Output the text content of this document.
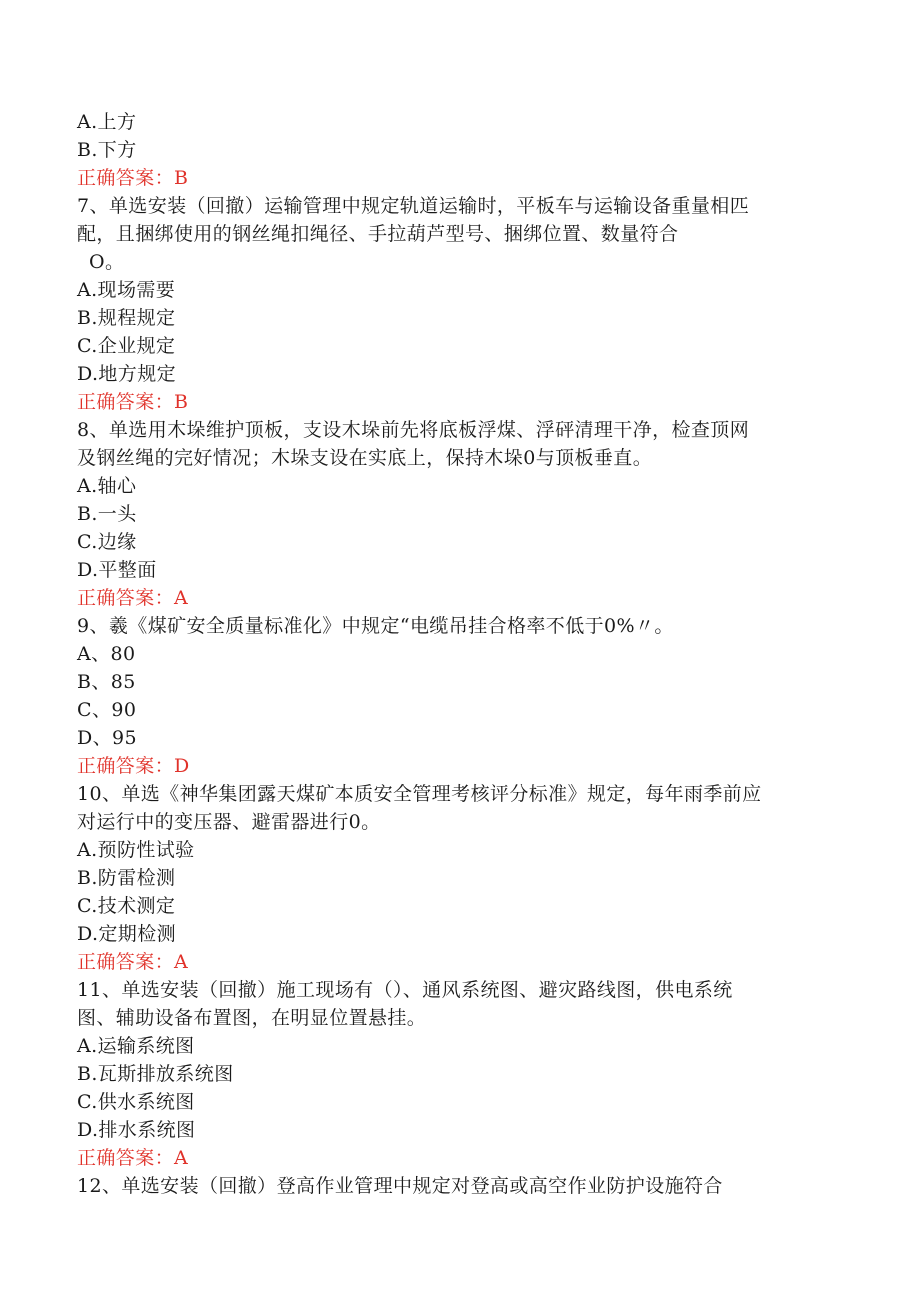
A.上方
B.下方
正确答案：B
7、单选安装（回撤）运输管理中规定轨道运输时，平板车与运输设备重量相匹
配，且捆绑使用的钢丝绳扣绳径、手拉葫芦型号、捆绑位置、数量符合
O。
A.现场需要
B.规程规定
C.企业规定
D.地方规定
正确答案：B
8、单选用木垛维护顶板，支设木垛前先将底板浮煤、浮砰清理干净，检查顶网
及钢丝绳的完好情况；木垛支设在实底上，保持木垛0与顶板垂直。
A.轴心
B.一头
C.边缘
D.平整面
正确答案：A
9、羲《煤矿安全质量标准化》中规定“电缆吊挂合格率不低于0%〃。
A、80
B、85
C、90
D、95
正确答案：D
10、单选《神华集团露天煤矿本质安全管理考核评分标准》规定，每年雨季前应
对运行中的变压器、避雷器进行0。
A.预防性试验
B.防雷检测
C.技术测定
D.定期检测
正确答案：A
11、单选安装（回撤）施工现场有（）、通风系统图、避灾路线图，供电系统
图、辅助设备布置图，在明显位置悬挂。
A.运输系统图
B.瓦斯排放系统图
C.供水系统图
D.排水系统图
正确答案：A
12、单选安装（回撤）登高作业管理中规定对登高或高空作业防护设施符合
